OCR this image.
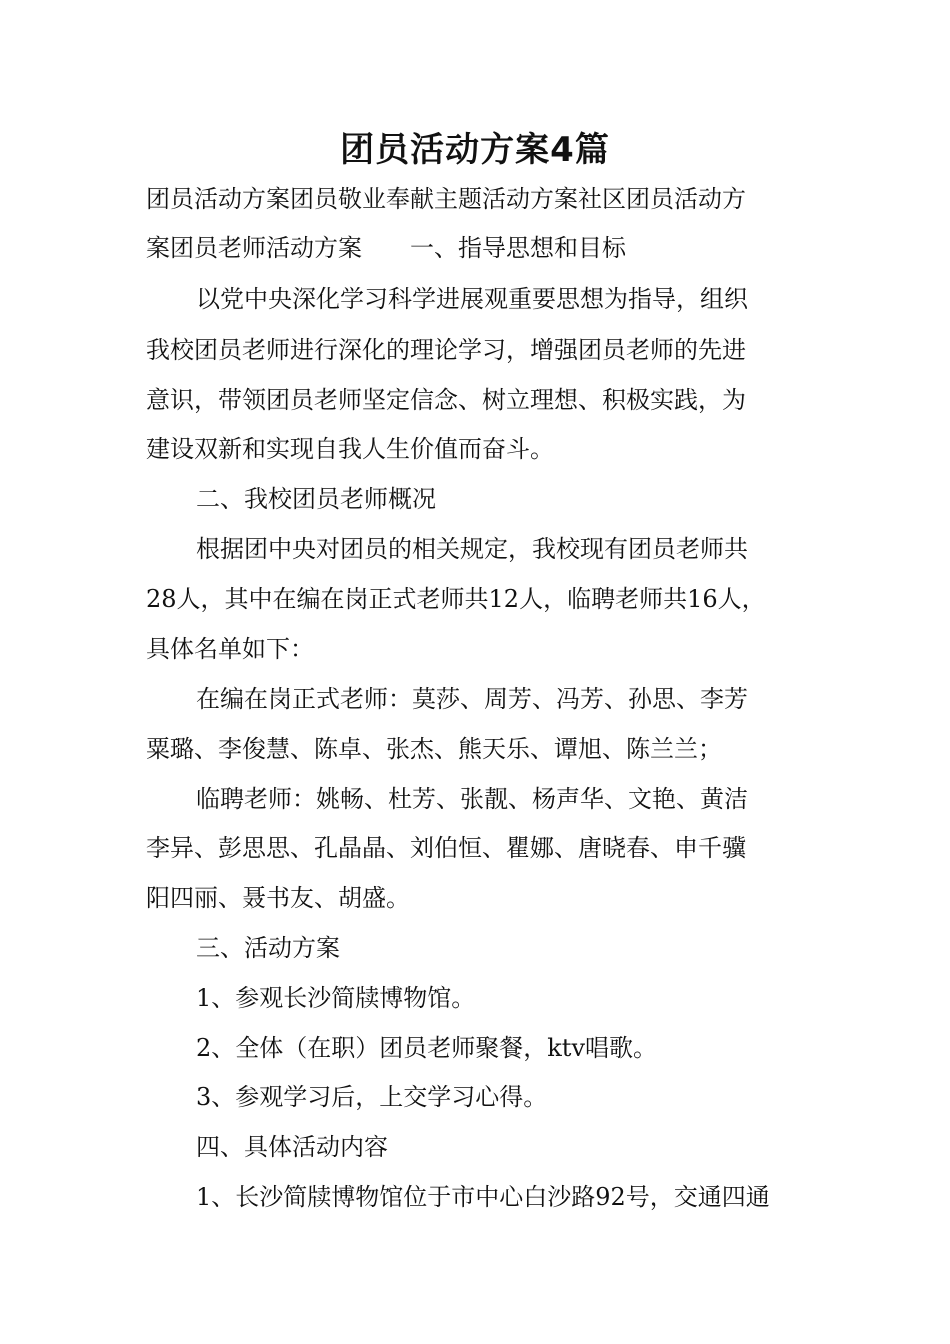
团员活动方案4篇
团员活动方案团员敬业奉献主题活动方案社区团员活动方
案团员老师活动方案　　一、指导思想和目标
以党中央深化学习科学进展观重要思想为指导，组织
我校团员老师进行深化的理论学习，增强团员老师的先进
意识，带领团员老师坚定信念、树立理想、积极实践，为
建设双新和实现自我人生价值而奋斗。
二、我校团员老师概况
根据团中央对团员的相关规定，我校现有团员老师共
28人，其中在编在岗正式老师共12人，临聘老师共16人，
具体名单如下：
在编在岗正式老师：莫莎、周芳、冯芳、孙思、李芳
粟璐、李俊慧、陈卓、张杰、熊天乐、谭旭、陈兰兰；
临聘老师：姚畅、杜芳、张靓、杨声华、文艳、黄洁
李异、彭思思、孔晶晶、刘伯恒、瞿娜、唐晓春、申千骥
阳四丽、聂书友、胡盛。
三、活动方案
1、参观长沙简牍博物馆。
2、全体（在职）团员老师聚餐，ktv唱歌。
3、参观学习后，上交学习心得。
四、具体活动内容
1、长沙简牍博物馆位于市中心白沙路92号，交通四通
